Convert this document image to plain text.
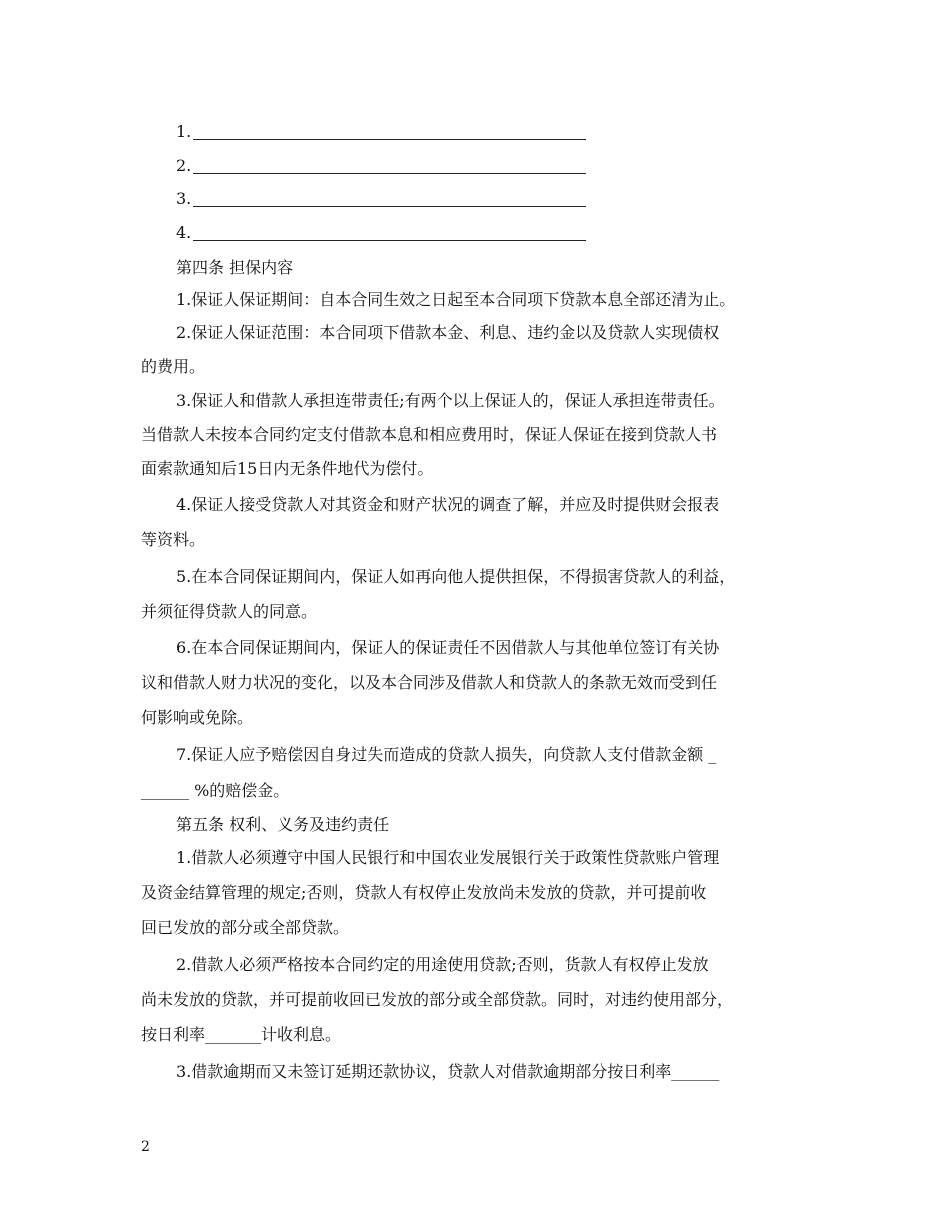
1.
2.
3.
4.
第四条 担保内容
1.保证人保证期间：自本合同生效之日起至本合同项下贷款本息全部还清为止。
2.保证人保证范围：本合同项下借款本金、利息、违约金以及贷款人实现债权
的费用。
3.保证人和借款人承担连带责任;有两个以上保证人的，保证人承担连带责任。
当借款人未按本合同约定支付借款本息和相应费用时，保证人保证在接到贷款人书
面索款通知后15日内无条件地代为偿付。
4.保证人接受贷款人对其资金和财产状况的调查了解，并应及时提供财会报表
等资料。
5.在本合同保证期间内，保证人如再向他人提供担保，不得损害贷款人的利益，
并须征得贷款人的同意。
6.在本合同保证期间内，保证人的保证责任不因借款人与其他单位签订有关协
议和借款人财力状况的变化，以及本合同涉及借款人和贷款人的条款无效而受到任
何影响或免除。
7.保证人应予赔偿因自身过失而造成的贷款人损失，向贷款人支付借款金额 _
______ %的赔偿金。
第五条 权利、义务及违约责任
1.借款人必须遵守中国人民银行和中国农业发展银行关于政策性贷款账户管理
及资金结算管理的规定;否则，贷款人有权停止发放尚未发放的贷款，并可提前收
回已发放的部分或全部贷款。
2.借款人必须严格按本合同约定的用途使用贷款;否则，货款人有权停止发放
尚未发放的贷款，并可提前收回已发放的部分或全部贷款。同时，对违约使用部分，
按日利率_______计收利息。
3.借款逾期而又未签订延期还款协议，贷款人对借款逾期部分按日利率______
2
